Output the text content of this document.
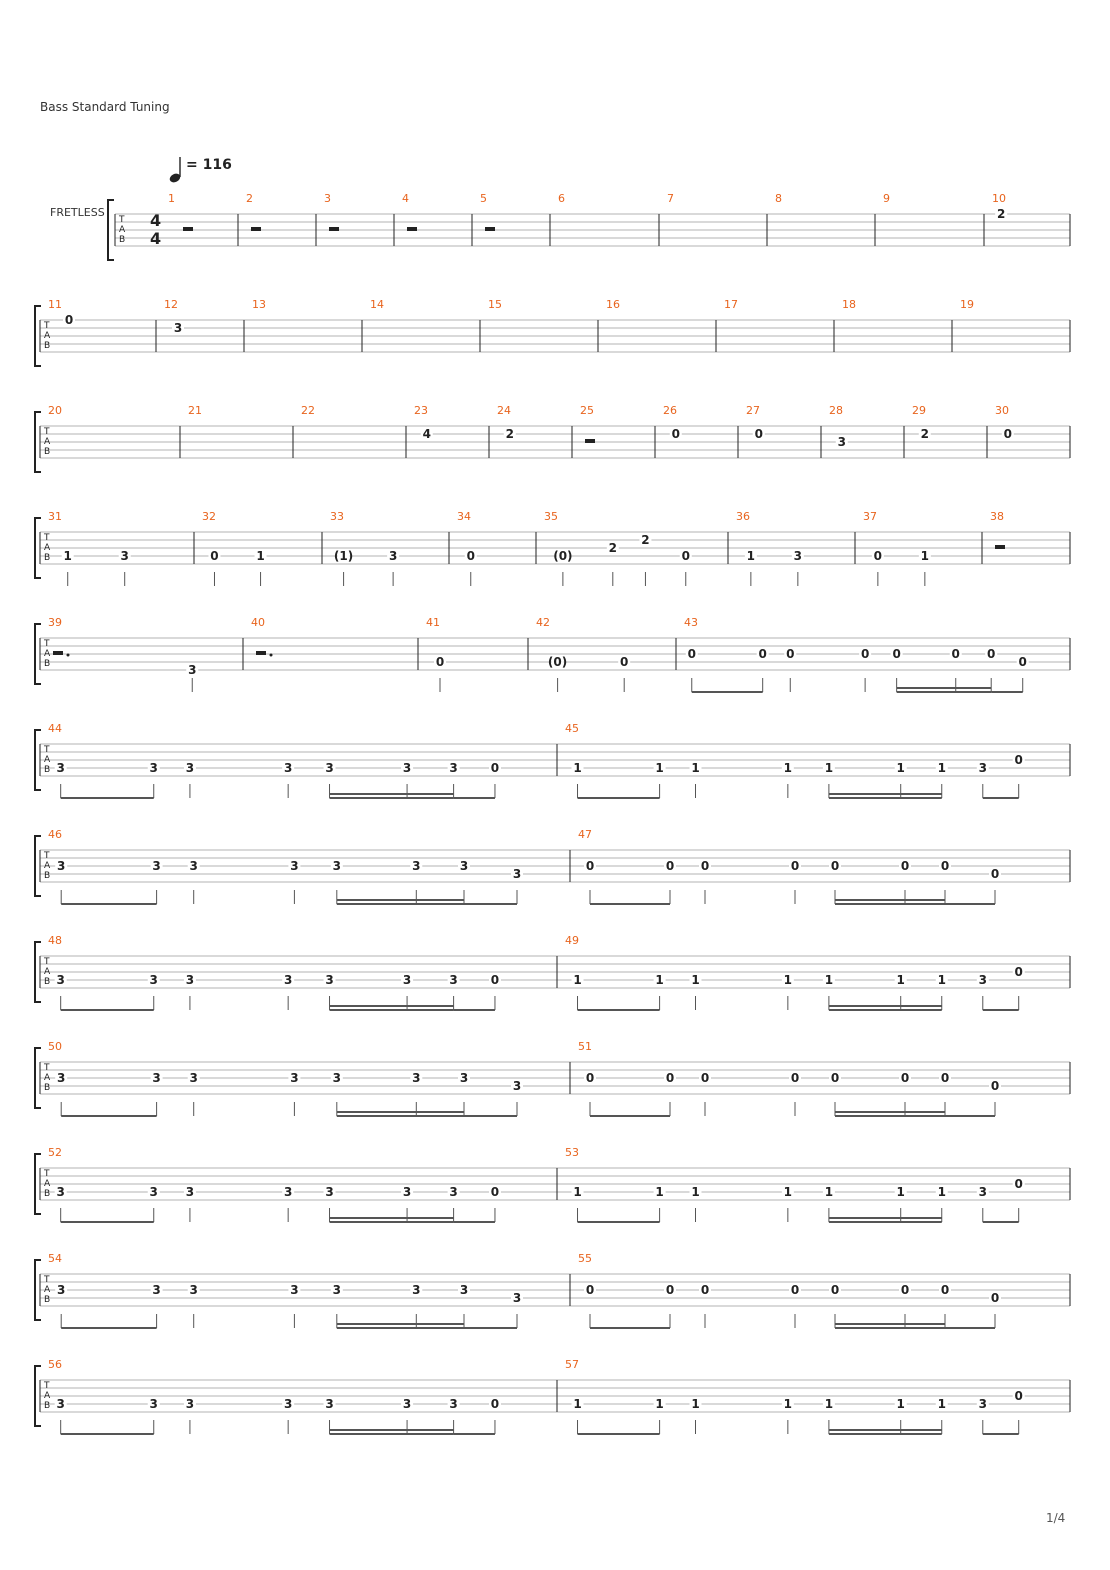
Bass Standard Tuning
= 116
T
A
B
FRETLESS	4
4
1	2	3	4	5	6	7	8	9	10
2
T
A
B
11
0
12
3
13	14	15	16	17	18	19
T
A
B
20	21	22	23
4
24
2
25	26
0
27
0
28
3
29
2
30
0
T
A
B
31
1	3
32
0	1
33
(1)	3
34
0
35
(0)
2
2
0
36
1	3
37
0	1
38
T
A
B
39
3
40	41
0
42
(0)	0
43
0	0 0	0 0	0 0
0
T
A
B
44
3	3 3	3	3	3	3	0
45
1	1 1	1	1	1	1	3
0
T
A
B
46
3	3 3	3	3	3	3
3
47
0	0 0	0	0	0	0
0
T
A
B
48
3	3 3	3	3	3	3	0
49
1	1 1	1	1	1	1	3
0
T
A
B
50
3	3 3	3	3	3	3
3
51
0	0 0	0	0	0	0
0
T
A
B
52
3	3 3	3	3	3	3	0
53
1	1 1	1	1	1	1	3
0
T
A
B
54
3	3 3	3	3	3	3
3
55
0	0 0	0	0	0	0
0
T
A
B
56
3	3 3	3	3	3	3	0
57
1	1 1	1	1	1	1	3
0
1/4
